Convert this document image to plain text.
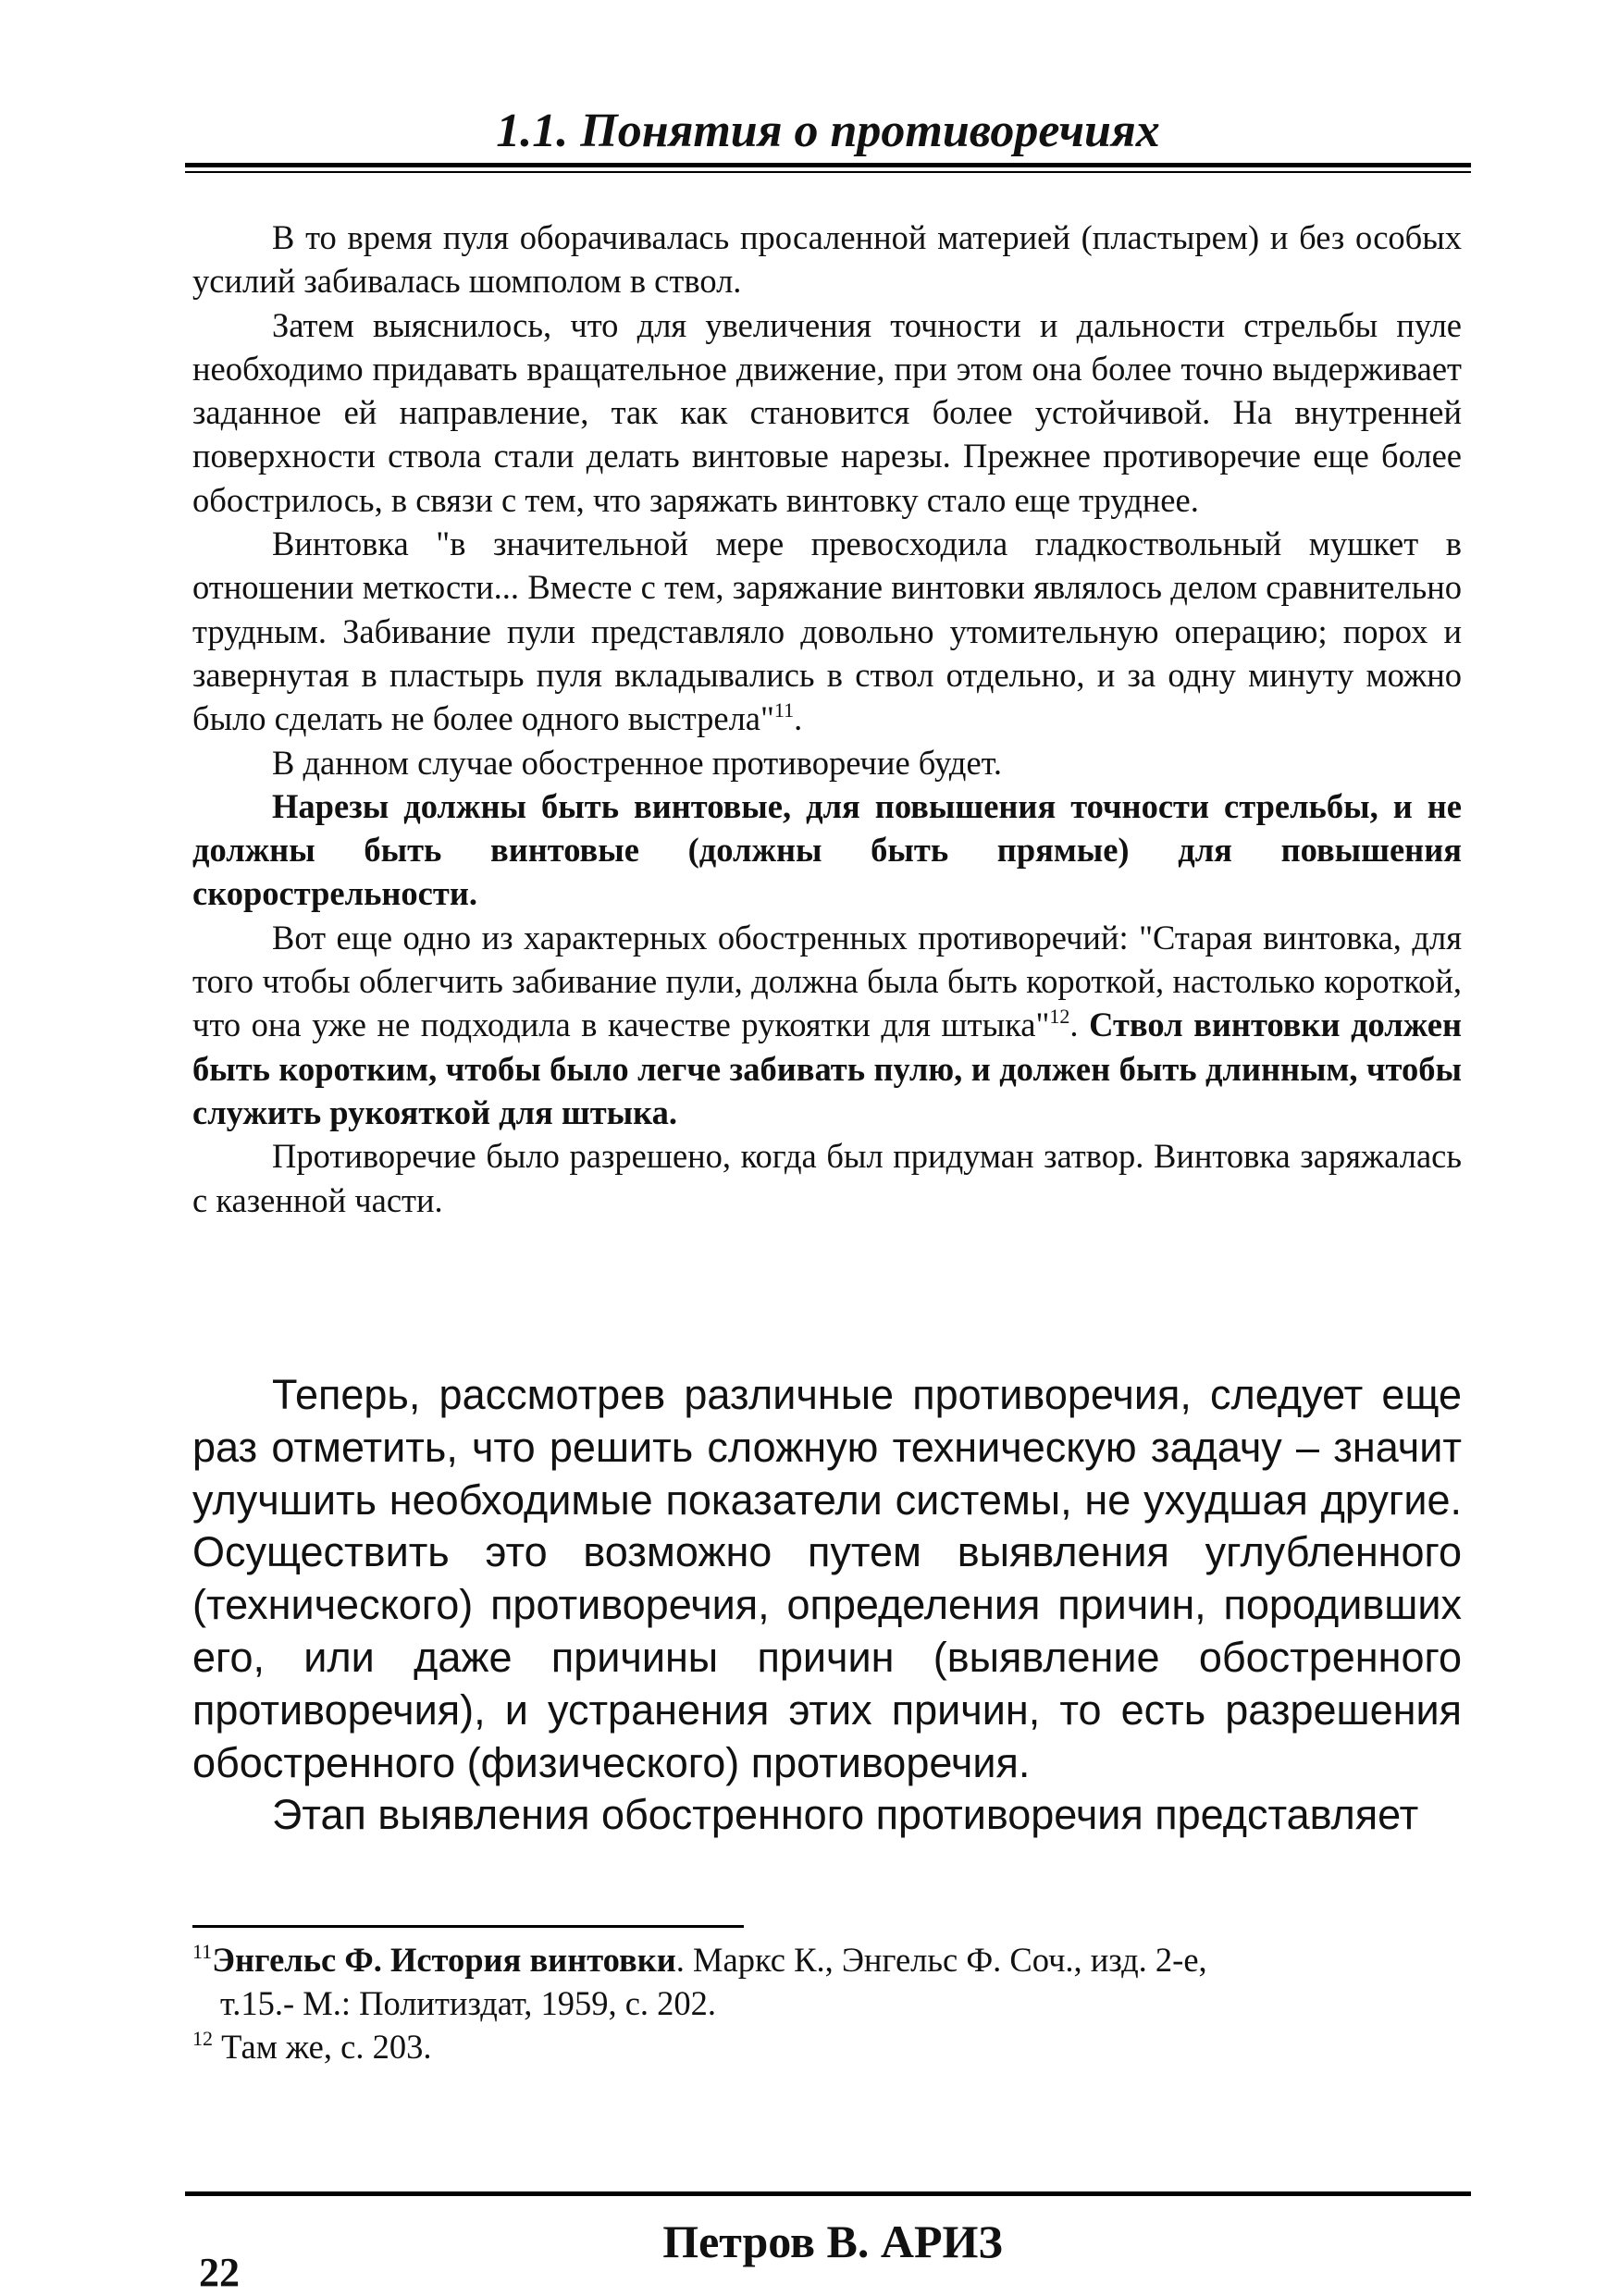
1.1. Понятия о противоречиях

В то время пуля оборачивалась просаленной материей (пластырем) и без особых усилий забивалась шомполом в ствол.

Затем выяснилось, что для увеличения точности и дальности стрельбы пуле необходимо придавать вращательное движение, при этом она более точно выдерживает заданное ей направление, так как становится более устойчивой. На внутренней поверхности ствола стали делать винтовые нарезы. Прежнее противоречие еще более обострилось, в связи с тем, что заряжать винтовку стало еще труднее.

Винтовка "в значительной мере превосходила гладкоствольный мушкет в отношении меткости... Вместе с тем, заряжание винтовки являлось делом сравнительно трудным. Забивание пули представляло довольно утомительную операцию; порох и завернутая в пластырь пуля вкладывались в ствол отдельно, и за одну минуту можно было сделать не более одного выстрела"$^{11}$.

В данном случае обостренное противоречие будет.

Нарезы должны быть винтовые, для повышения точности стрельбы, и не должны быть винтовые (должны быть прямые) для повышения скорострельности.

Вот еще одно из характерных обостренных противоречий: "Старая винтовка, для того чтобы облегчить забивание пули, должна была быть короткой, настолько короткой, что она уже не подходила в качестве рукоятки для штыка"$^{12}$. Ствол винтовки должен быть коротким, чтобы было легче забивать пулю, и должен быть длинным, чтобы служить рукояткой для штыка.

Противоречие было разрешено, когда был придуман затвор. Винтовка заряжалась с казенной части.

Теперь, рассмотрев различные противоречия, следует еще раз отметить, что решить сложную техническую задачу – значит улучшить необходимые показатели системы, не ухудшая другие. Осуществить это возможно путем выявления углубленного (технического) противоречия, определения причин, породивших его, или даже причины причин (выявление обостренного противоречия), и устранения этих причин, то есть разрешения обостренного (физического) противоречия.

Этап выявления обостренного противоречия представляет

$^{11}$Энгельс Ф. История винтовки. Маркс К., Энгельс Ф. Соч., изд. 2-е,

т.15.- М.: Политиздат, 1959, с. 202.

$^{12}$ Там же, с. 203.

22
Петров В. АРИЗ
